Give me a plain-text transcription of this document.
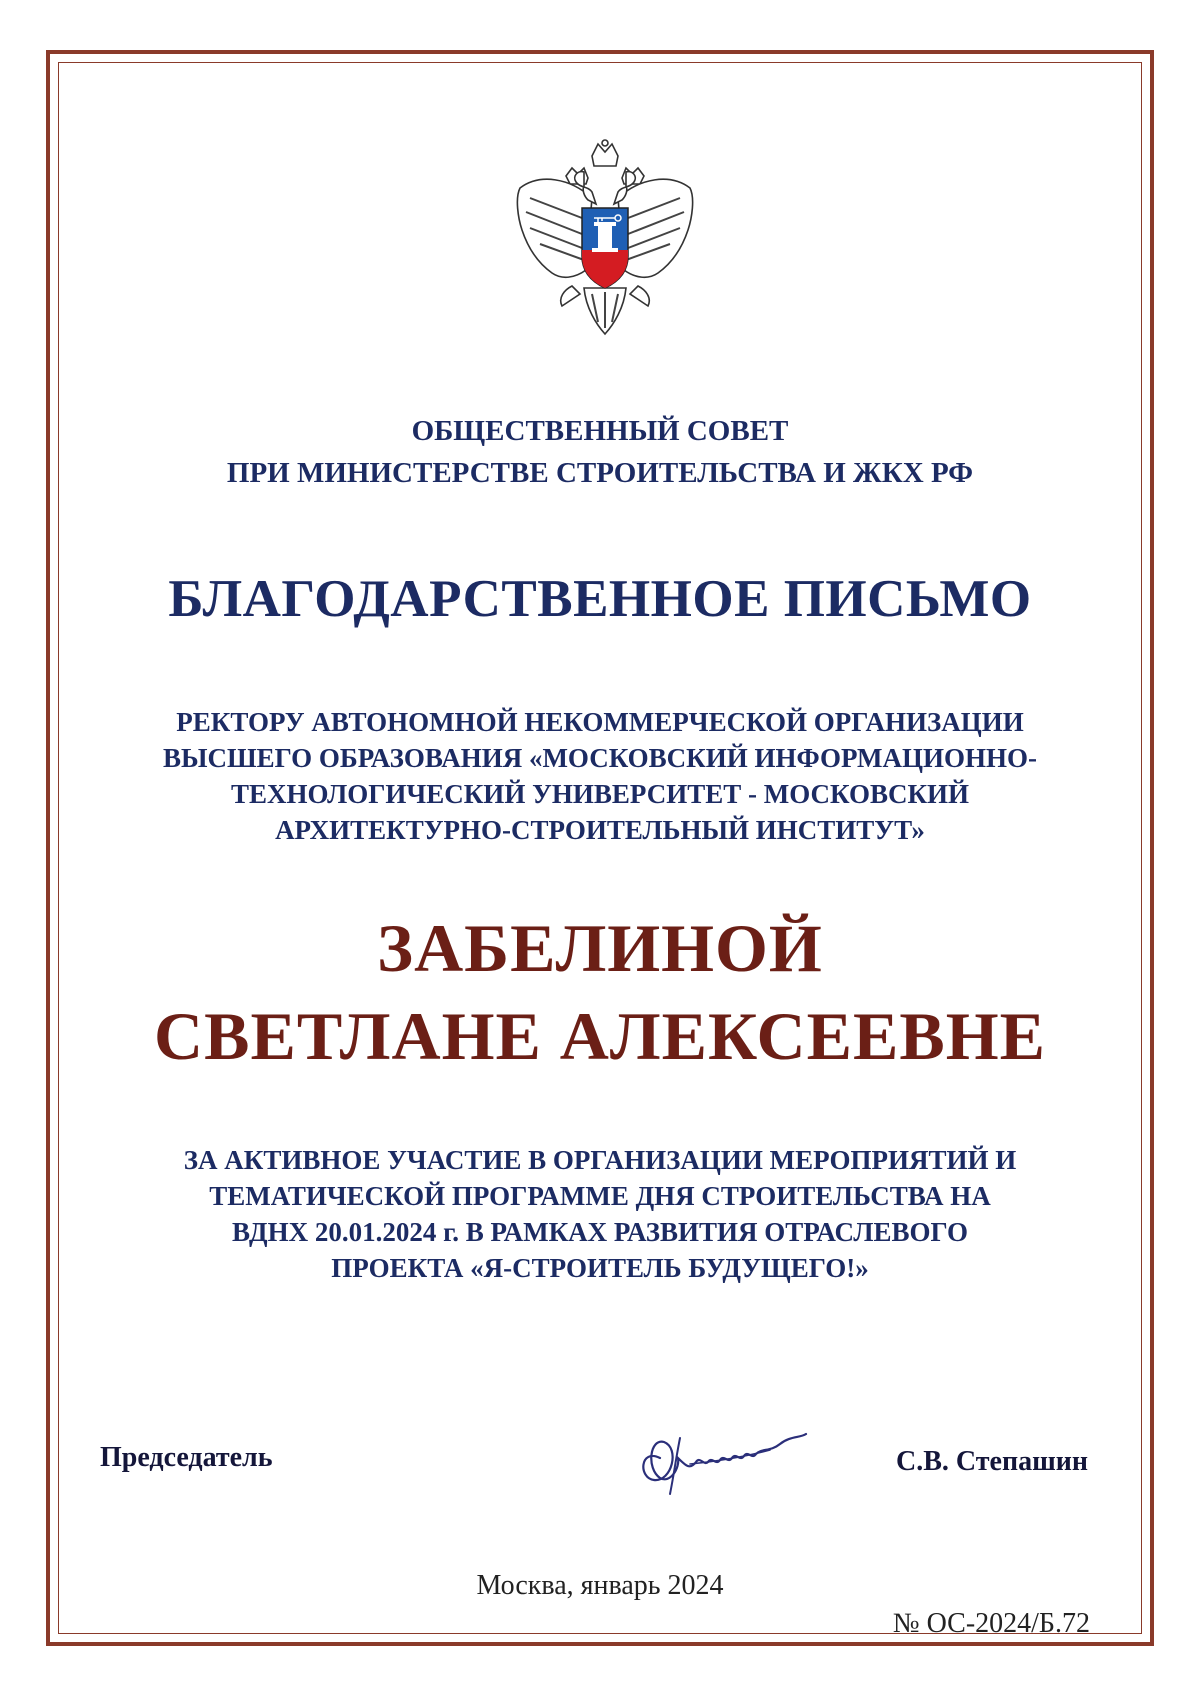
ОБЩЕСТВЕННЫЙ СОВЕТ
ПРИ МИНИСТЕРСТВЕ СТРОИТЕЛЬСТВА И ЖКХ РФ
БЛАГОДАРСТВЕННОЕ ПИСЬМО
РЕКТОРУ АВТОНОМНОЙ НЕКОММЕРЧЕСКОЙ ОРГАНИЗАЦИИ
ВЫСШЕГО ОБРАЗОВАНИЯ «МОСКОВСКИЙ ИНФОРМАЦИОННО-
ТЕХНОЛОГИЧЕСКИЙ УНИВЕРСИТЕТ - МОСКОВСКИЙ
АРХИТЕКТУРНО-СТРОИТЕЛЬНЫЙ ИНСТИТУТ»
ЗАБЕЛИНОЙ
СВЕТЛАНЕ АЛЕКСЕЕВНЕ
ЗА АКТИВНОЕ УЧАСТИЕ В ОРГАНИЗАЦИИ МЕРОПРИЯТИЙ И
ТЕМАТИЧЕСКОЙ ПРОГРАММЕ ДНЯ СТРОИТЕЛЬСТВА НА
ВДНХ 20.01.2024 г. В РАМКАХ РАЗВИТИЯ ОТРАСЛЕВОГО
ПРОЕКТА «Я-СТРОИТЕЛЬ БУДУЩЕГО!»
Председатель	С.В. Степашин
Москва, январь 2024
№ ОС-2024/Б.72
